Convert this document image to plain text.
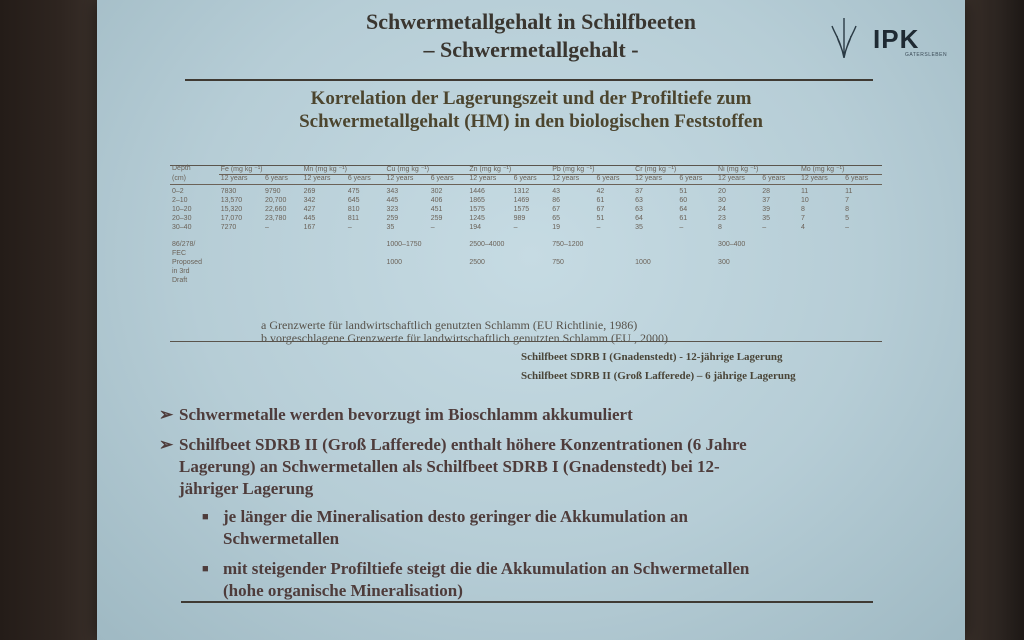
Schwermetallgehalt in Schilfbeeten
– Schwermetallgehalt -	IPK
GATERSLEBEN
Korrelation der Lagerungszeit und der Profiltiefe zum
Schwermetallgehalt (HM) in den biologischen Feststoffen
Depth	Fe (mg kg ⁻¹)		Mn (mg kg ⁻¹)		Cu (mg kg ⁻¹)		Zn (mg kg ⁻¹)		Pb (mg kg ⁻¹)		Cr (mg kg ⁻¹)		Ni (mg kg ⁻¹)		Mo (mg kg ⁻¹)	
(cm)	12 years	6 years	12 years	6 years	12 years	6 years	12 years	6 years	12 years	6 years	12 years	6 years	12 years	6 years	12 years	6 years

0–2	7830	9790	269	475	343	302	1446	1312	43	42	37	51	20	28	11	11
2–10	13,570	20,700	342	645	445	406	1865	1469	86	61	63	60	30	37	10	7
10–20	15,320	22,660	427	810	323	451	1575	1575	67	67	63	64	24	39	8	8
20–30	17,070	23,780	445	811	259	259	1245	989	65	51	64	61	23	35	7	5
30–40	7270	–	167	–	35	–	194	–	19	–	35	–	8	–	4	–

86/278/					1000–1750		2500–4000		750–1200				300–400			
FEC																
Proposed					1000		2500		750		1000		300			
in 3rd																
Draft																
a Grenzwerte für landwirtschaftlich genutzten Schlamm (EU Richtlinie, 1986)
b vorgeschlagene Grenzwerte für landwirtschaftlich genutzten Schlamm (EU , 2000)
Schilfbeet SDRB I (Gnadenstedt) - 12-jährige Lagerung
Schilfbeet SDRB II (Groß Lafferede) – 6 jährige Lagerung
➢ Schwermetalle werden bevorzugt im Bioschlamm akkumuliert
➢ Schilfbeet SDRB II (Groß Lafferede) enthalt höhere Konzentrationen (6 Jahre
Lagerung) an Schwermetallen als Schilfbeet SDRB I (Gnadenstedt) bei 12-
jähriger Lagerung
■ je länger die Mineralisation desto geringer die Akkumulation an
Schwermetallen
■ mit steigender Profiltiefe steigt die die Akkumulation an Schwermetallen
(hohe organische Mineralisation)
